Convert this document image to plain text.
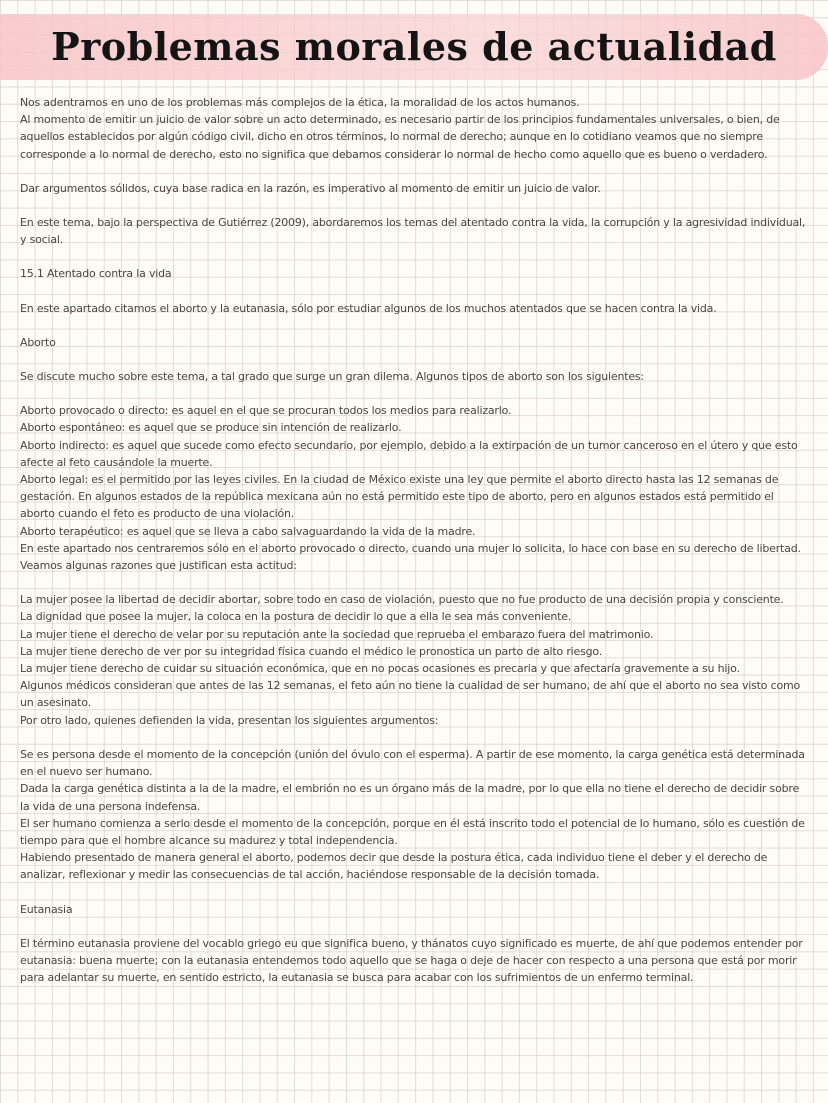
Problemas morales de actualidad
Nos adentramos en uno de los problemas más complejos de la ética, la moralidad de los actos humanos.
Al momento de emitir un juicio de valor sobre un acto determinado, es necesario partir de los principios fundamentales universales, o bien, de aquellos establecidos por algún código civil, dicho en otros términos, lo normal de derecho; aunque en lo cotidiano veamos que no siempre corresponde a lo normal de derecho, esto no significa que debamos considerar lo normal de hecho como aquello que es bueno o verdadero.
Dar argumentos sólidos, cuya base radica en la razón, es imperativo al momento de emitir un juicio de valor.
En este tema, bajo la perspectiva de Gutiérrez (2009), abordaremos los temas del atentado contra la vida, la corrupción y la agresividad individual, y social.
15.1 Atentado contra la vida
En este apartado citamos el aborto y la eutanasia, sólo por estudiar algunos de los muchos atentados que se hacen contra la vida.
Aborto
Se discute mucho sobre este tema, a tal grado que surge un gran dilema. Algunos tipos de aborto son los siguientes:
Aborto provocado o directo: es aquel en el que se procuran todos los medios para realizarlo.
Aborto espontáneo: es aquel que se produce sin intención de realizarlo.
Aborto indirecto: es aquel que sucede como efecto secundario, por ejemplo, debido a la extirpación de un tumor canceroso en el útero y que esto afecte al feto causándole la muerte.
Aborto legal: es el permitido por las leyes civiles. En la ciudad de México existe una ley que permite el aborto directo hasta las 12 semanas de gestación. En algunos estados de la república mexicana aún no está permitido este tipo de aborto, pero en algunos estados está permitido el aborto cuando el feto es producto de una violación.
Aborto terapéutico: es aquel que se lleva a cabo salvaguardando la vida de la madre.
En este apartado nos centraremos sólo en el aborto provocado o directo, cuando una mujer lo solicita, lo hace con base en su derecho de libertad. Veamos algunas razones que justifican esta actitud:
La mujer posee la libertad de decidir abortar, sobre todo en caso de violación, puesto que no fue producto de una decisión propia y consciente.
La dignidad que posee la mujer, la coloca en la postura de decidir lo que a ella le sea más conveniente.
La mujer tiene el derecho de velar por su reputación ante la sociedad que reprueba el embarazo fuera del matrimonio.
La mujer tiene derecho de ver por su integridad física cuando el médico le pronostica un parto de alto riesgo.
La mujer tiene derecho de cuidar su situación económica, que en no pocas ocasiones es precaria y que afectaría gravemente a su hijo.
Algunos médicos consideran que antes de las 12 semanas, el feto aún no tiene la cualidad de ser humano, de ahí que el aborto no sea visto como un asesinato.
Por otro lado, quienes defienden la vida, presentan los siguientes argumentos:
Se es persona desde el momento de la concepción (unión del óvulo con el esperma). A partir de ese momento, la carga genética está determinada en el nuevo ser humano.
Dada la carga genética distinta a la de la madre, el embrión no es un órgano más de la madre, por lo que ella no tiene el derecho de decidir sobre la vida de una persona indefensa.
El ser humano comienza a serlo desde el momento de la concepción, porque en él está inscrito todo el potencial de lo humano, sólo es cuestión de tiempo para que el hombre alcance su madurez y total independencia.
Habiendo presentado de manera general el aborto, podemos decir que desde la postura ética, cada individuo tiene el deber y el derecho de analizar, reflexionar y medir las consecuencias de tal acción, haciéndose responsable de la decisión tomada.
Eutanasia
El término eutanasia proviene del vocablo griego eu que significa bueno, y thánatos cuyo significado es muerte, de ahí que podemos entender por eutanasia: buena muerte; con la eutanasia entendemos todo aquello que se haga o deje de hacer con respecto a una persona que está por morir para adelantar su muerte, en sentido estricto, la eutanasia se busca para acabar con los sufrimientos de un enfermo terminal.
